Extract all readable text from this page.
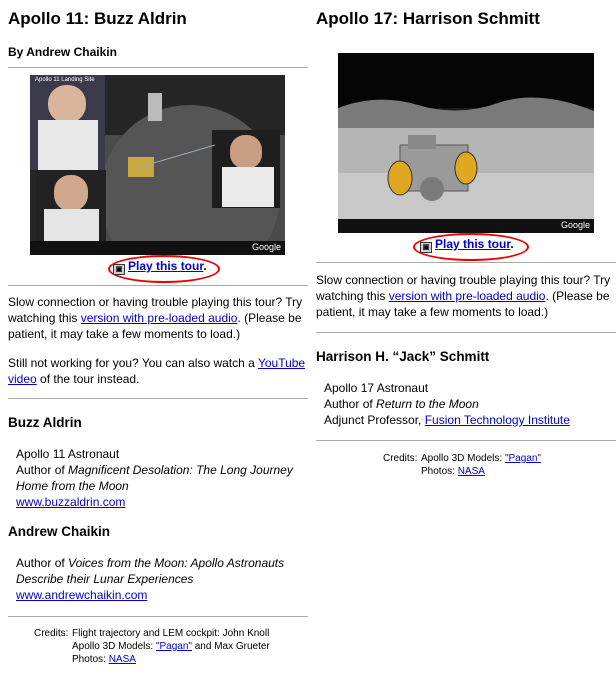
Apollo 11: Buzz Aldrin
By Andrew Chaikin
Apollo 11 Landing Site
Google
▣ Play this tour.

Slow connection or having trouble playing this tour? Try watching this version with pre-loaded audio. (Please be patient, it may take a few moments to load.)

Still not working for you? You can also watch a YouTube video of the tour instead.

Buzz Aldrin
Apollo 11 Astronaut
Author of Magnificent Desolation: The Long Journey Home from the Moon
www.buzzaldrin.com
Andrew Chaikin
Author of Voices from the Moon: Apollo Astronauts Describe their Lunar Experiences
www.andrewchaikin.com
Credits: Flight trajectory and LEM cockpit: John Knoll
Apollo 3D Models: "Pagan" and Max Grueter
Photos: NASA
Apollo 17: Harrison Schmitt
Google
▣ Play this tour.

Slow connection or having trouble playing this tour? Try watching this version with pre-loaded audio. (Please be patient, it may take a few moments to load.)

Harrison H. “Jack” Schmitt
Apollo 17 Astronaut
Author of Return to the Moon
Adjunct Professor, Fusion Technology Institute
Credits: Apollo 3D Models: "Pagan"
Photos: NASA
